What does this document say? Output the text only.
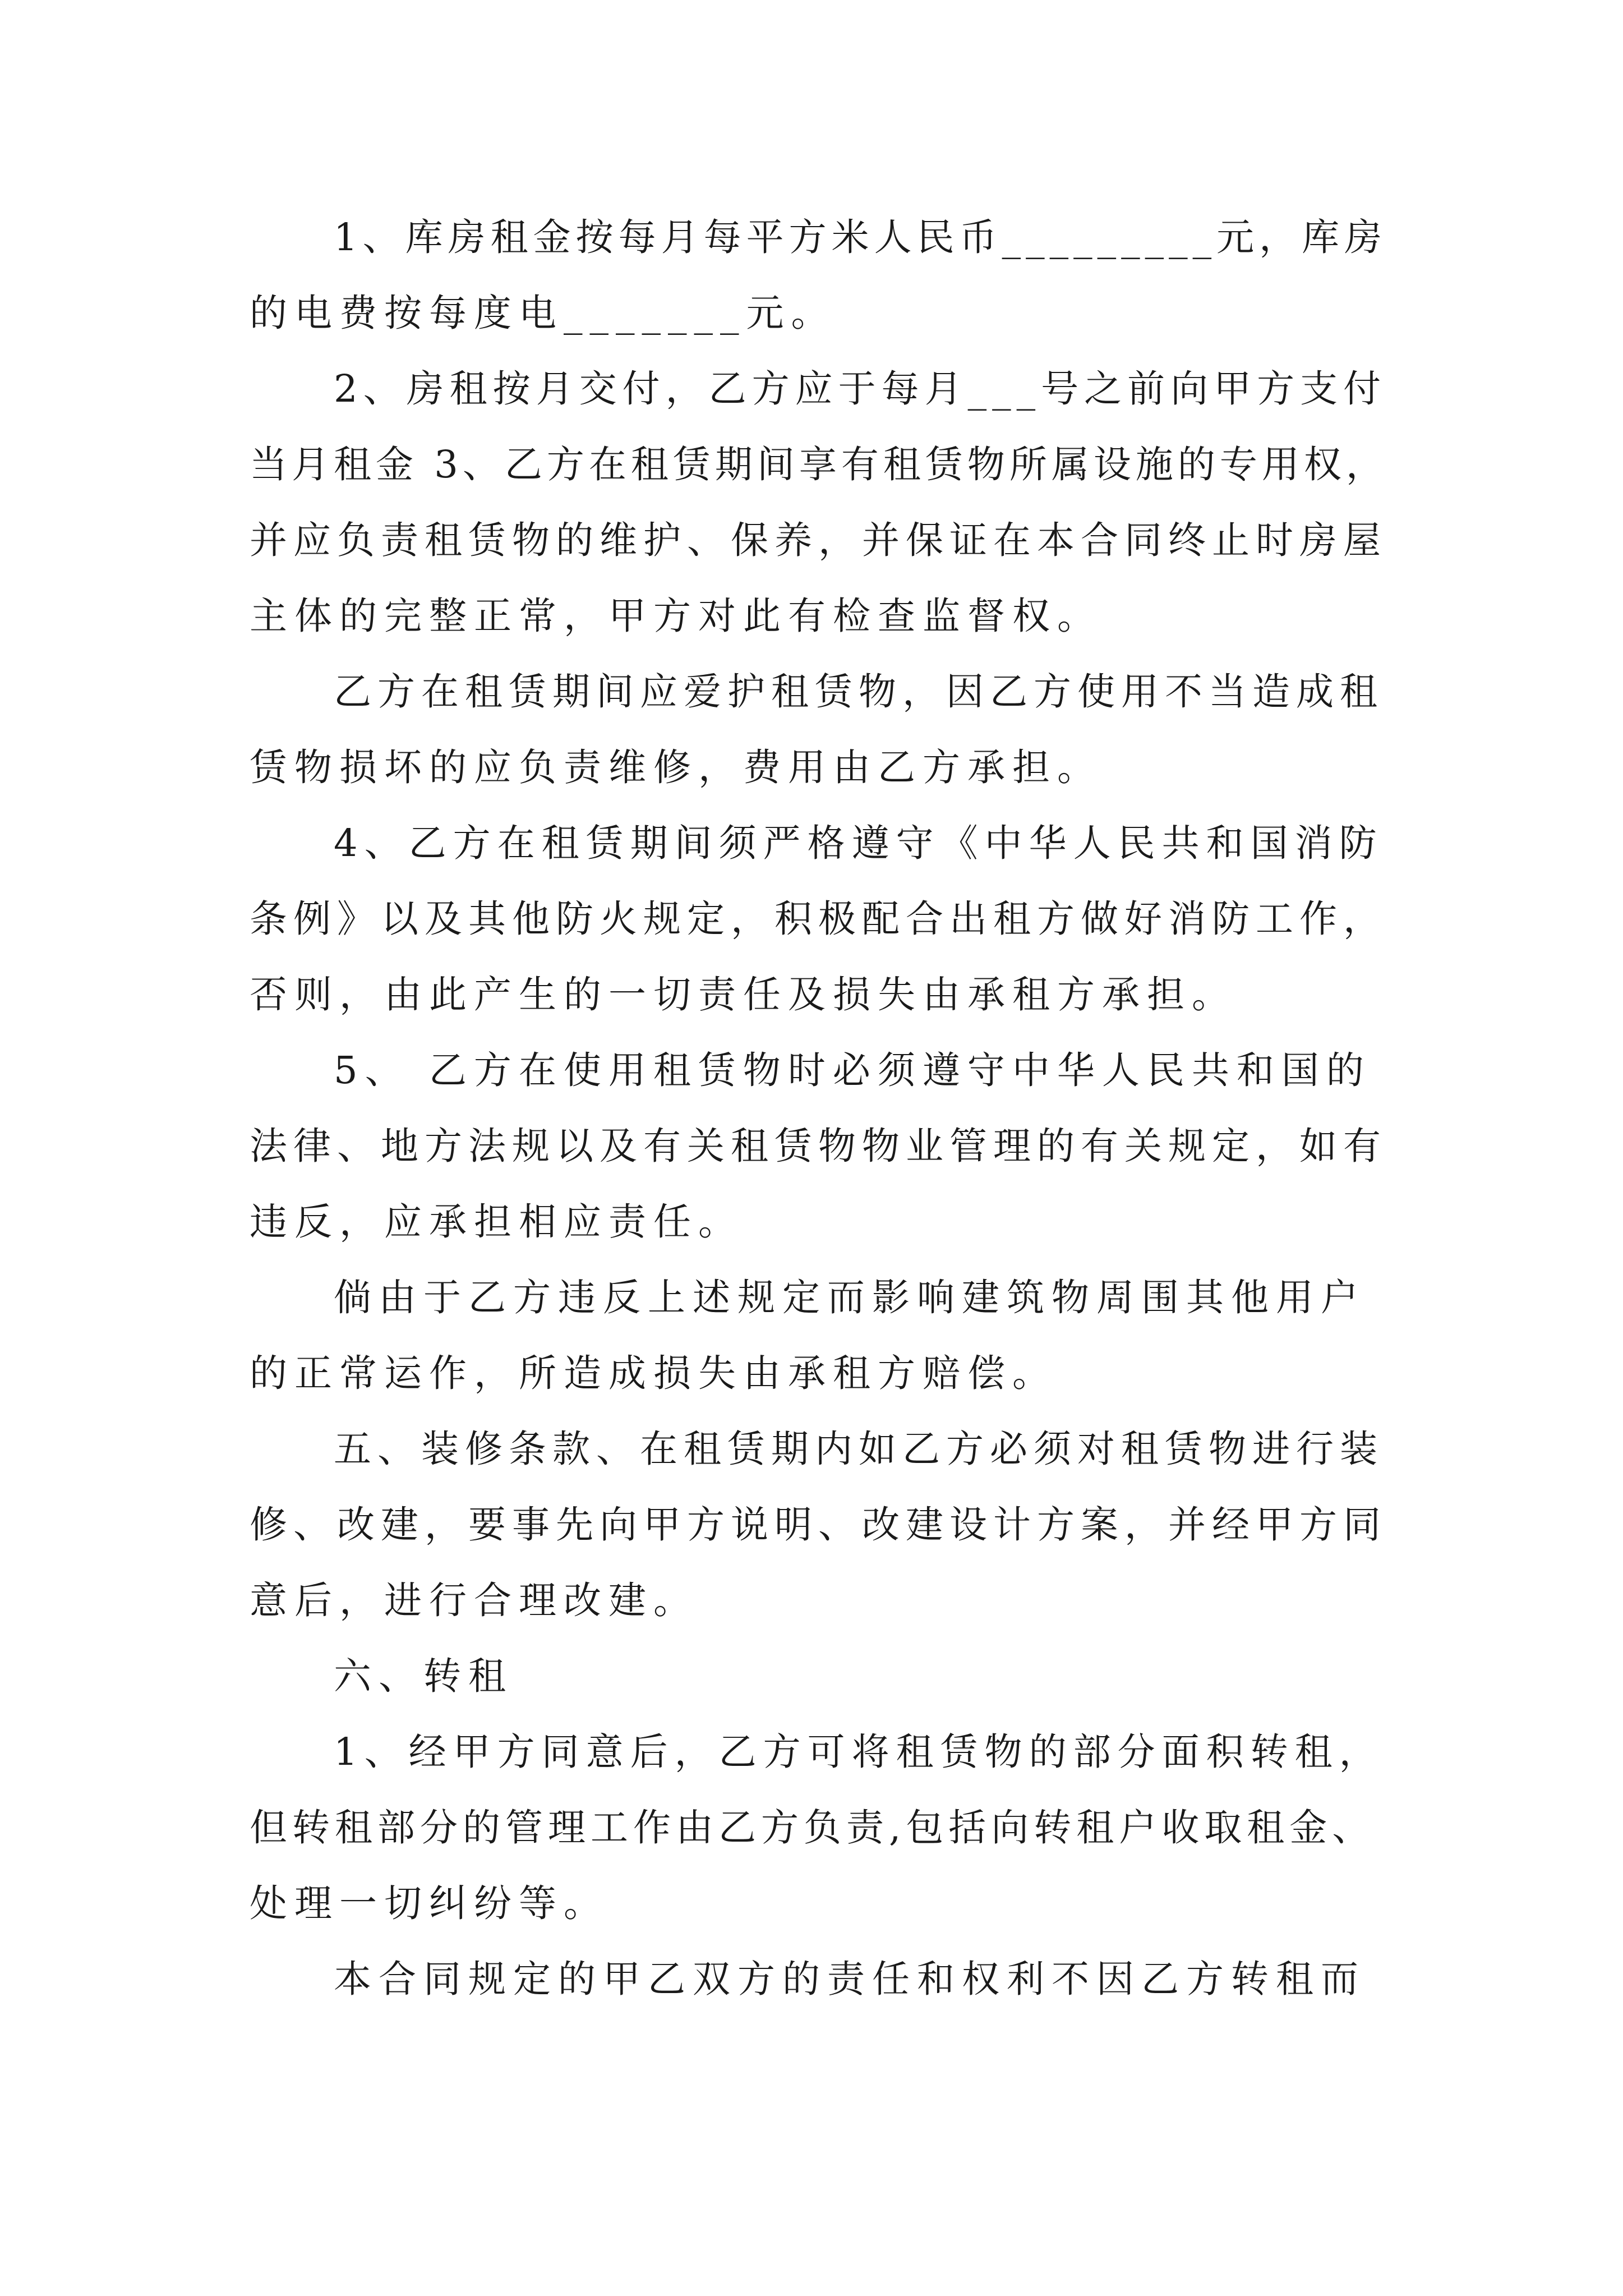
1、库房租金按每月每平方米人民币_________元，库房
的电费按每度电_______元。
2、房租按月交付，乙方应于每月___号之前向甲方支付
当月租金 3、乙方在租赁期间享有租赁物所属设施的专用权，
并应负责租赁物的维护、保养，并保证在本合同终止时房屋
主体的完整正常，甲方对此有检查监督权。
乙方在租赁期间应爱护租赁物，因乙方使用不当造成租
赁物损坏的应负责维修，费用由乙方承担。
4、乙方在租赁期间须严格遵守《中华人民共和国消防
条例》以及其他防火规定，积极配合出租方做好消防工作，
否则，由此产生的一切责任及损失由承租方承担。
5、 乙方在使用租赁物时必须遵守中华人民共和国的
法律、地方法规以及有关租赁物物业管理的有关规定，如有
违反，应承担相应责任。
倘由于乙方违反上述规定而影响建筑物周围其他用户
的正常运作，所造成损失由承租方赔偿。
五、装修条款、在租赁期内如乙方必须对租赁物进行装
修、改建，要事先向甲方说明、改建设计方案，并经甲方同
意后，进行合理改建。
六、转租
1、经甲方同意后，乙方可将租赁物的部分面积转租，
但转租部分的管理工作由乙方负责,包括向转租户收取租金、
处理一切纠纷等。
本合同规定的甲乙双方的责任和权利不因乙方转租而
